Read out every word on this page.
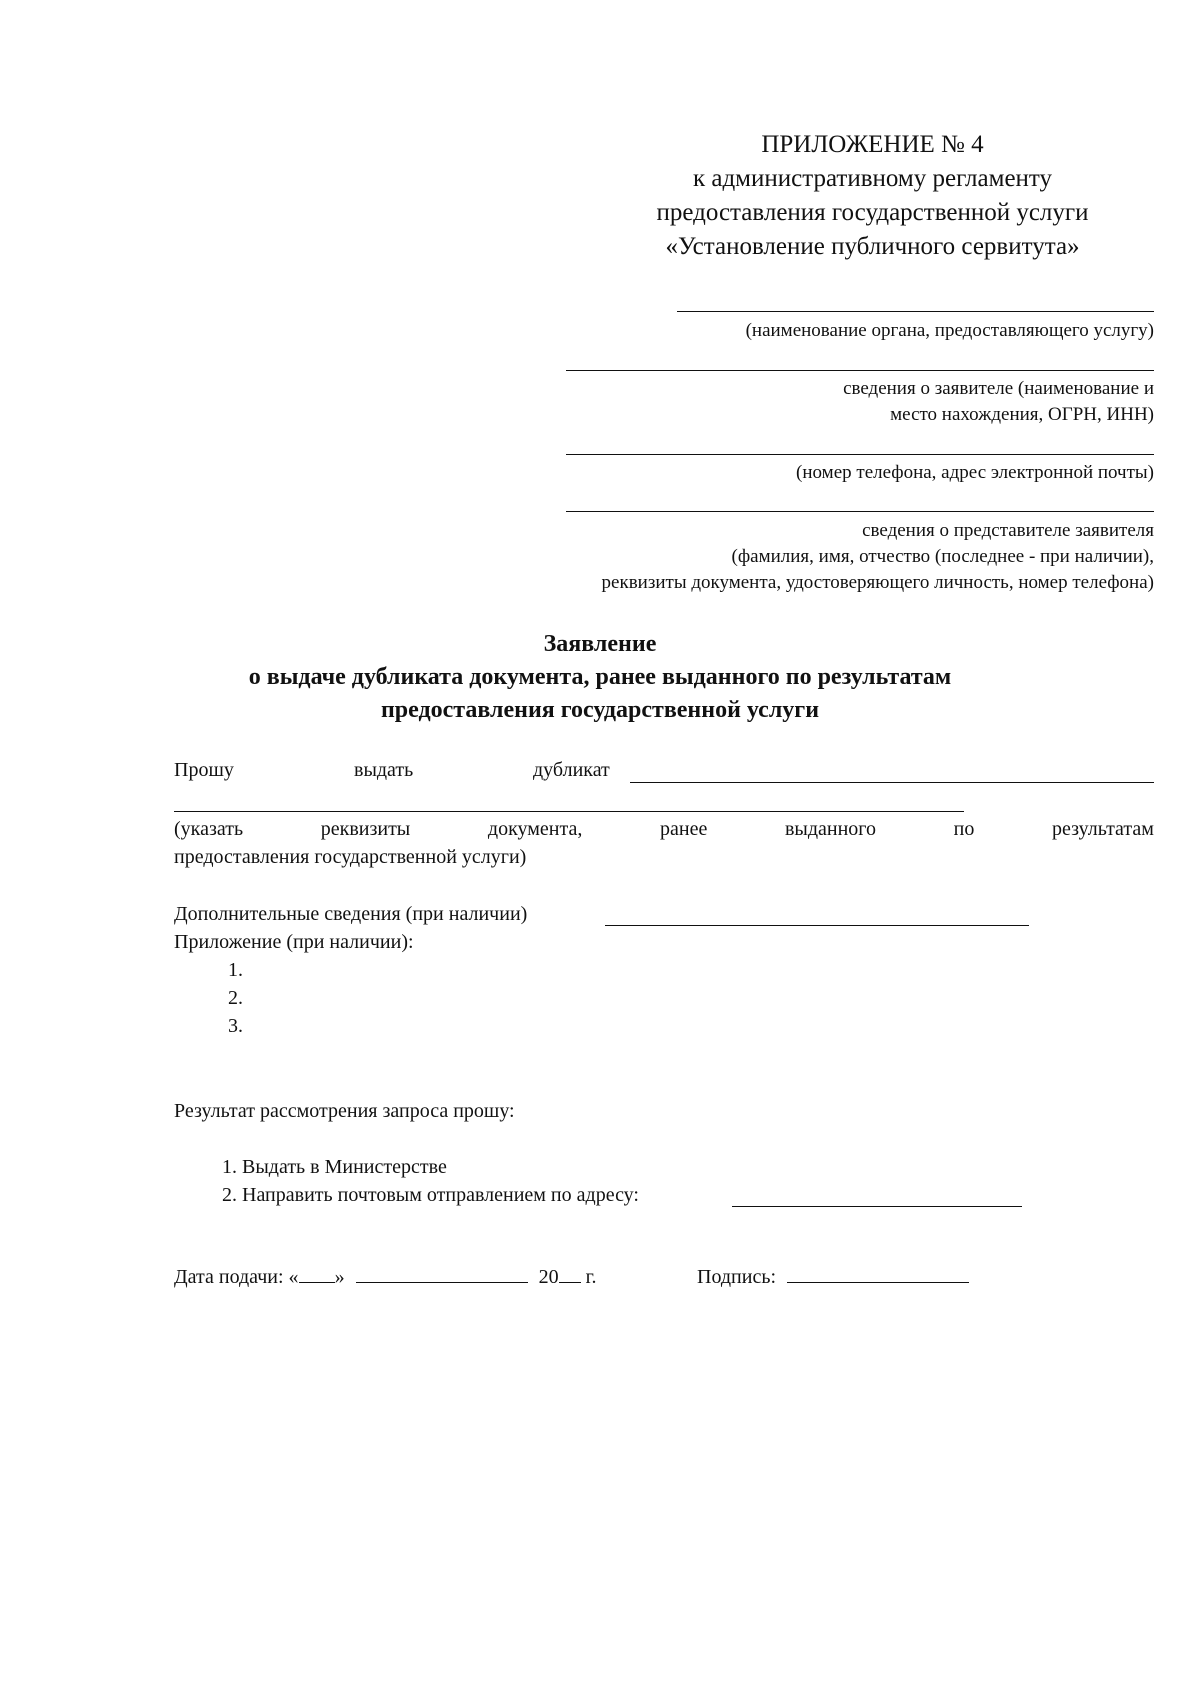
ПРИЛОЖЕНИЕ № 4
к административному регламенту
предоставления государственной услуги
«Установление публичного сервитута»
(наименование органа, предоставляющего услугу)
сведения о заявителе (наименование и
место нахождения, ОГРН, ИНН)
(номер телефона, адрес электронной почты)
сведения о представителе заявителя
(фамилия, имя, отчество (последнее - при наличии),
реквизиты документа, удостоверяющего личность, номер телефона)
Заявление
о выдаче дубликата документа, ранее выданного по результатам
предоставления государственной услуги
Прошу	выдать	дубликат
(указать	реквизиты	документа,	ранее	выданного	по	результатам
предоставления государственной услуги)
Дополнительные сведения (при наличии)
Приложение (при наличии):
1.
2.
3.
Результат рассмотрения запроса прошу:
1. Выдать в Министерстве
2. Направить почтовым отправлением по адресу:
Дата подачи: « »	20 г.	Подпись:
